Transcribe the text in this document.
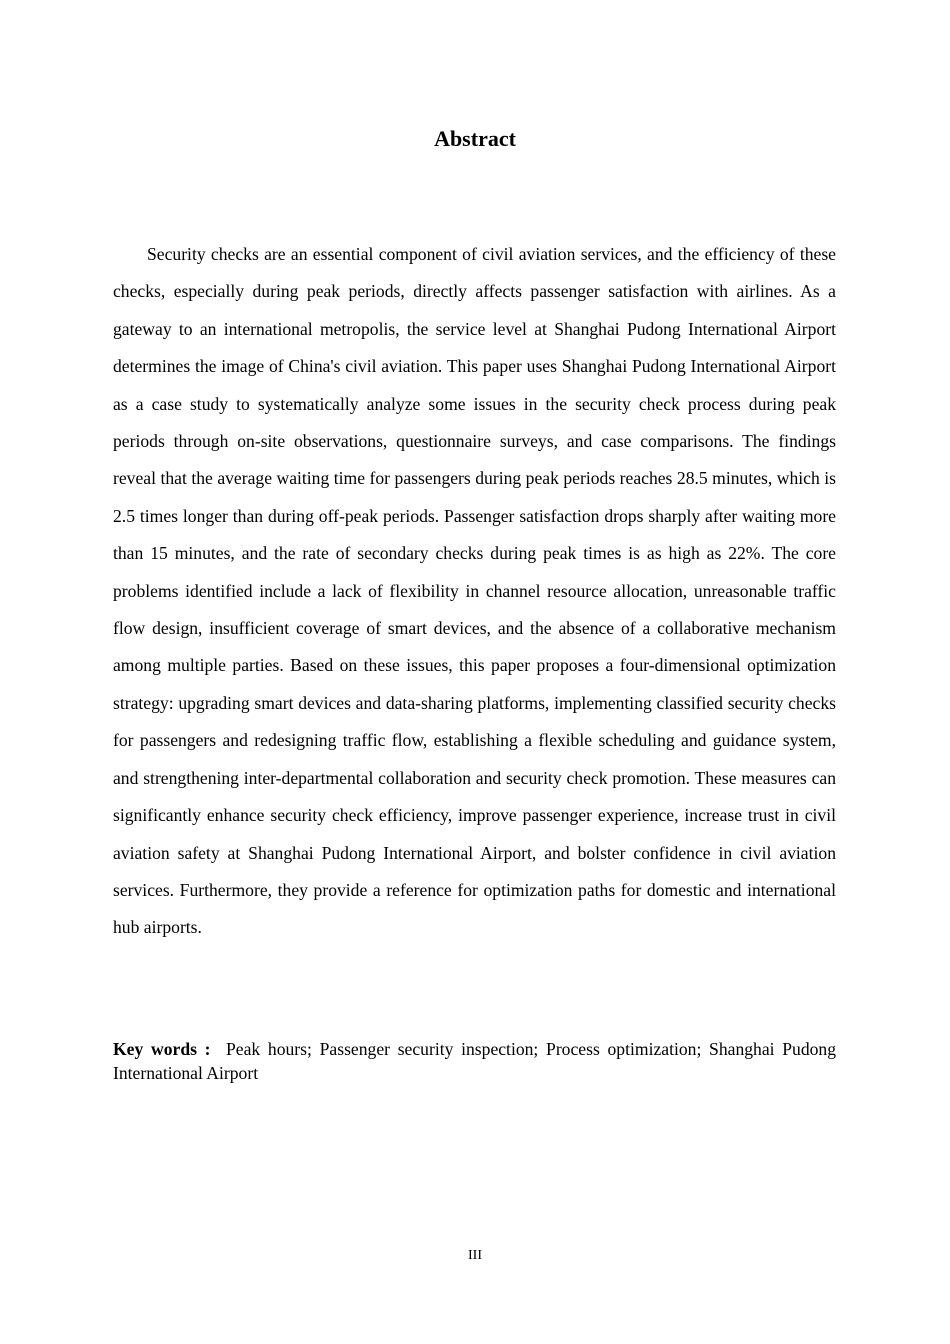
Abstract

Security checks are an essential component of civil aviation services, and the efficiency of these checks, especially during peak periods, directly affects passenger satisfaction with airlines. As a gateway to an international metropolis, the service level at Shanghai Pudong International Airport determines the image of China's civil aviation. This paper uses Shanghai Pudong International Airport as a case study to systematically analyze some issues in the security check process during peak periods through on-site observations, questionnaire surveys, and case comparisons. The findings reveal that the average waiting time for passengers during peak periods reaches 28.5 minutes, which is 2.5 times longer than during off-peak periods. Passenger satisfaction drops sharply after waiting more than 15 minutes, and the rate of secondary checks during peak times is as high as 22%. The core problems identified include a lack of flexibility in channel resource allocation, unreasonable traffic flow design, insufficient coverage of smart devices, and the absence of a collaborative mechanism among multiple parties. Based on these issues, this paper proposes a four-dimensional optimization strategy: upgrading smart devices and data-sharing platforms, implementing classified security checks for passengers and redesigning traffic flow, establishing a flexible scheduling and guidance system, and strengthening inter-departmental collaboration and security check promotion. These measures can significantly enhance security check efficiency, improve passenger experience, increase trust in civil aviation safety at Shanghai Pudong International Airport, and bolster confidence in civil aviation services. Furthermore, they provide a reference for optimization paths for domestic and international hub airports.

Key words : Peak hours; Passenger security inspection; Process optimization; Shanghai Pudong International Airport

III
